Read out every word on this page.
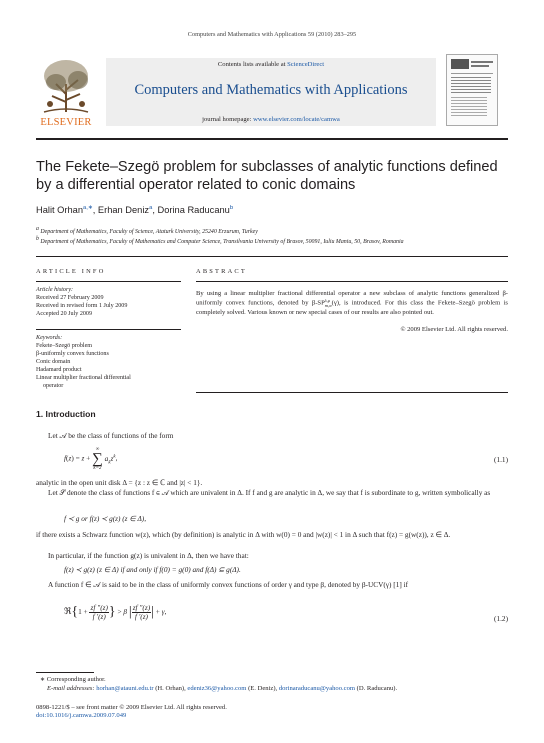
Computers and Mathematics with Applications 59 (2010) 283–295
ELSEVIER
Contents lists available at ScienceDirect
Computers and Mathematics with Applications
journal homepage: www.elsevier.com/locate/camwa
The Fekete–Szegö problem for subclasses of analytic functions defined by a differential operator related to conic domains
Halit Orhan$^{a,∗}$, Erhan Deniz$^a$, Dorina Raducanu$^b$
$^a$ Department of Mathematics, Faculty of Science, Ataturk University, 25240 Erzurum, Turkey
$^b$ Department of Mathematics, Faculty of Mathematics and Computer Science, Transilvania University of Brasov, 50091, Iuliu Maniu, 50, Brasov, Romania
ARTICLE INFO
Article history:
Received 27 February 2009
Received in revised form 1 July 2009
Accepted 20 July 2009
Keywords:
Fekete–Szegö problem
β-uniformly convex functions
Conic domain
Hadamard product
Linear multiplier fractional differential
operator
ABSTRACT
By using a linear multiplier fractional differential operator a new subclass of analytic functions generalized β-uniformly convex functions, denoted by β-SP λ,μ
m,α (γ), is introduced. For this class the Fekete–Szegö problem is completely solved. Various known or new special cases of our results are also pointed out.
© 2009 Elsevier Ltd. All rights reserved.
1. Introduction
Let 𝒜 be the class of functions of the form
f(z) = z +
∞
∑
k=2
$a_kz^k$,	(1.1)
analytic in the open unit disk Δ = {z : z ∈ ℂ and |z| < 1}.
Let 𝒮 denote the class of functions f ∈ 𝒜 which are univalent in Δ. If f and g are analytic in Δ, we say that f is subordinate to g, written symbolically as
f ≺ g or f(z) ≺ g(z) (z ∈ Δ),
if there exists a Schwarz function w(z), which (by definition) is analytic in Δ with w(0) = 0 and |w(z)| < 1 in Δ such that f(z) = g(w(z)), z ∈ Δ.
In particular, if the function g(z) is univalent in Δ, then we have that:
f(z) ≺ g(z) (z ∈ Δ) if and only if f(0) = g(0) and f(Δ) ⊆ g(Δ).
A function f ∈ 𝒜 is said to be in the class of uniformly convex functions of order γ and type β, denoted by β-UCV(γ) [1] if
ℜ{1 + $\frac{zf ''(z)}{f '(z)}$ } > β | $\frac{zf ''(z)}{f '(z)}$ | + γ,
(1.2)
∗ Corresponding author.
E-mail addresses: horhan@atauni.edu.tr (H. Orhan), edeniz36@yahoo.com (E. Deniz), dorinaraducanu@yahoo.com (D. Raducanu).
0898-1221/$ – see front matter © 2009 Elsevier Ltd. All rights reserved.
doi:10.1016/j.camwa.2009.07.049
